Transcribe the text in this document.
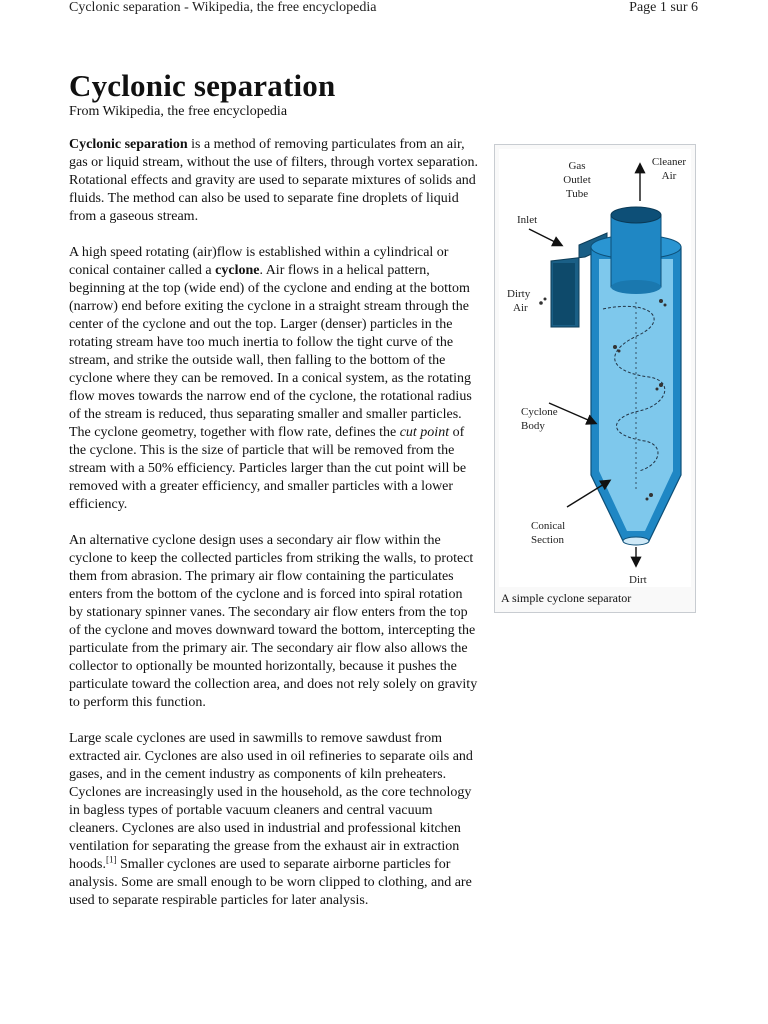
Cyclonic separation - Wikipedia, the free encyclopedia	Page 1 sur 6
Cyclonic separation
From Wikipedia, the free encyclopedia

Cyclonic separation is a method of removing particulates from an air, gas or liquid stream, without the use of filters, through vortex separation. Rotational effects and gravity are used to separate mixtures of solids and fluids. The method can also be used to separate fine droplets of liquid from a gaseous stream.

A high speed rotating (air)flow is established within a cylindrical or conical container called a cyclone. Air flows in a helical pattern, beginning at the top (wide end) of the cyclone and ending at the bottom (narrow) end before exiting the cyclone in a straight stream through the center of the cyclone and out the top. Larger (denser) particles in the rotating stream have too much inertia to follow the tight curve of the stream, and strike the outside wall, then falling to the bottom of the cyclone where they can be removed. In a conical system, as the rotating flow moves towards the narrow end of the cyclone, the rotational radius of the stream is reduced, thus separating smaller and smaller particles. The cyclone geometry, together with flow rate, defines the cut point of the cyclone. This is the size of particle that will be removed from the stream with a 50% efficiency. Particles larger than the cut point will be removed with a greater efficiency, and smaller particles with a lower efficiency.

An alternative cyclone design uses a secondary air flow within the cyclone to keep the collected particles from striking the walls, to protect them from abrasion. The primary air flow containing the particulates enters from the bottom of the cyclone and is forced into spiral rotation by stationary spinner vanes. The secondary air flow enters from the top of the cyclone and moves downward toward the bottom, intercepting the particulate from the primary air. The secondary air flow also allows the collector to optionally be mounted horizontally, because it pushes the particulate toward the collection area, and does not rely solely on gravity to perform this function.

Large scale cyclones are used in sawmills to remove sawdust from extracted air. Cyclones are also used in oil refineries to separate oils and gases, and in the cement industry as components of kiln preheaters. Cyclones are increasingly used in the household, as the core technology in bagless types of portable vacuum cleaners and central vacuum cleaners. Cyclones are also used in industrial and professional kitchen ventilation for separating the grease from the exhaust air in extraction hoods.[1] Smaller cyclones are used to separate airborne particles for analysis. Some are small enough to be worn clipped to clothing, and are used to separate respirable particles for later analysis.

Gas
Outlet
Tube
Cleaner
Air
Inlet
Dirty
Air
Cyclone
Body
Conical
Section
Dirt
A simple cyclone separator
